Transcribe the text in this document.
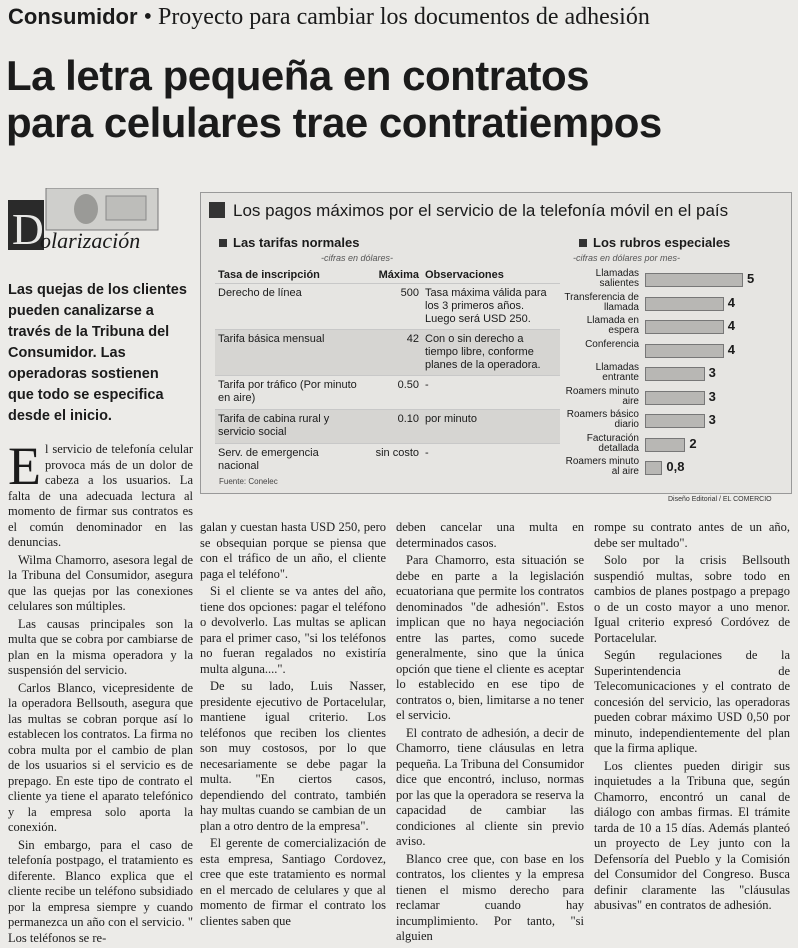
Consumidor • Proyecto para cambiar los documentos de adhesión
La letra pequeña en contratos
para celulares trae contratiempos
D
olarización
Las quejas de los clientes pueden canalizarse a través de la Tribuna del Consumidor. Las operadoras sostienen que todo se especifica desde el inicio.
Los pagos máximos por el servicio de la telefonía móvil en el país
Las tarifas normales
-cifras en dólares-
Tasa de inscripción	Máxima	Observaciones
Derecho de línea	500	Tasa máxima válida para los 3 primeros años. Luego será USD 250.
Tarifa básica mensual	42	Con o sin derecho a tiempo libre, conforme planes de la operadora.
Tarifa por tráfico (Por minuto en aire)	0.50	-
Tarifa de cabina rural y servicio social	0.10	por minuto
Serv. de emergencia nacional	sin costo	-
Fuente: Conelec
Los rubros especiales
-cifras en dólares por mes-
Llamadas salientes	5
Transferencia de llamada	4
Llamada en espera	4
Conferencia	4
Llamadas entrante	3
Roamers minuto aire	3
Roamers básico diario	3
Facturación detallada	2
Roamers minuto al aire 0,8
Diseño Editorial / EL COMERCIO

El servicio de telefonía celular provoca más de un dolor de cabeza a los usuarios. La falta de una adecuada lectura al momento de firmar sus contratos es el común denominador en las denuncias.

Wilma Chamorro, asesora legal de la Tribuna del Consumidor, asegura que las quejas por las conexiones celulares son múltiples.

Las causas principales son la multa que se cobra por cambiarse de plan en la misma operadora y la suspensión del servicio.

Carlos Blanco, vicepresidente de la operadora Bellsouth, asegura que las multas se cobran porque así lo establecen los contratos. La firma no cobra multa por el cambio de plan de los usuarios si el servicio es de prepago. En este tipo de contrato el cliente ya tiene el aparato telefónico y la empresa solo aporta la conexión.

Sin embargo, para el caso de telefonía postpago, el tratamiento es diferente. Blanco explica que el cliente recibe un teléfono subsidiado por la empresa siempre y cuando permanezca un año con el servicio. " Los teléfonos se re-

galan y cuestan hasta USD 250, pero se obsequian porque se piensa que con el tráfico de un año, el cliente paga el teléfono".

Si el cliente se va antes del año, tiene dos opciones: pagar el teléfono o devolverlo. Las multas se aplican para el primer caso, "si los teléfonos no fueran regalados no existiría multa alguna....".

De su lado, Luis Nasser, presidente ejecutivo de Portacelular, mantiene igual criterio. Los teléfonos que reciben los clientes son muy costosos, por lo que necesariamente se debe pagar la multa. "En ciertos casos, dependiendo del contrato, también hay multas cuando se cambian de un plan a otro dentro de la empresa".

El gerente de comercialización de esta empresa, Santiago Cordovez, cree que este tratamiento es normal en el mercado de celulares y que al momento de firmar el contrato los clientes saben que

deben cancelar una multa en determinados casos.

Para Chamorro, esta situación se debe en parte a la legislación ecuatoriana que permite los contratos denominados "de adhesión". Estos implican que no haya negociación entre las partes, como sucede generalmente, sino que la única opción que tiene el cliente es aceptar lo establecido en ese tipo de contratos o, bien, limitarse a no tener el servicio.

El contrato de adhesión, a decir de Chamorro, tiene cláusulas en letra pequeña. La Tribuna del Consumidor dice que encontró, incluso, normas por las que la operadora se reserva la capacidad de cambiar las condiciones al cliente sin previo aviso.

Blanco cree que, con base en los contratos, los clientes y la empresa tienen el mismo derecho para reclamar cuando hay incumplimiento. Por tanto, "si alguien

rompe su contrato antes de un año, debe ser multado".

Solo por la crisis Bellsouth suspendió multas, sobre todo en cambios de planes postpago a prepago o de un costo mayor a uno menor. Igual criterio expresó Cordóvez de Portacelular.

Según regulaciones de la Superintendencia de Telecomunicaciones y el contrato de concesión del servicio, las operadoras pueden cobrar máximo USD 0,50 por minuto, independientemente del plan que la firma aplique.

Los clientes pueden dirigir sus inquietudes a la Tribuna que, según Chamorro, encontró un canal de diálogo con ambas firmas. El trámite tarda de 10 a 15 días. Además planteó un proyecto de Ley junto con la Defensoría del Pueblo y la Comisión del Consumidor del Congreso. Busca definir claramente las "cláusulas abusivas" en contratos de adhesión.
